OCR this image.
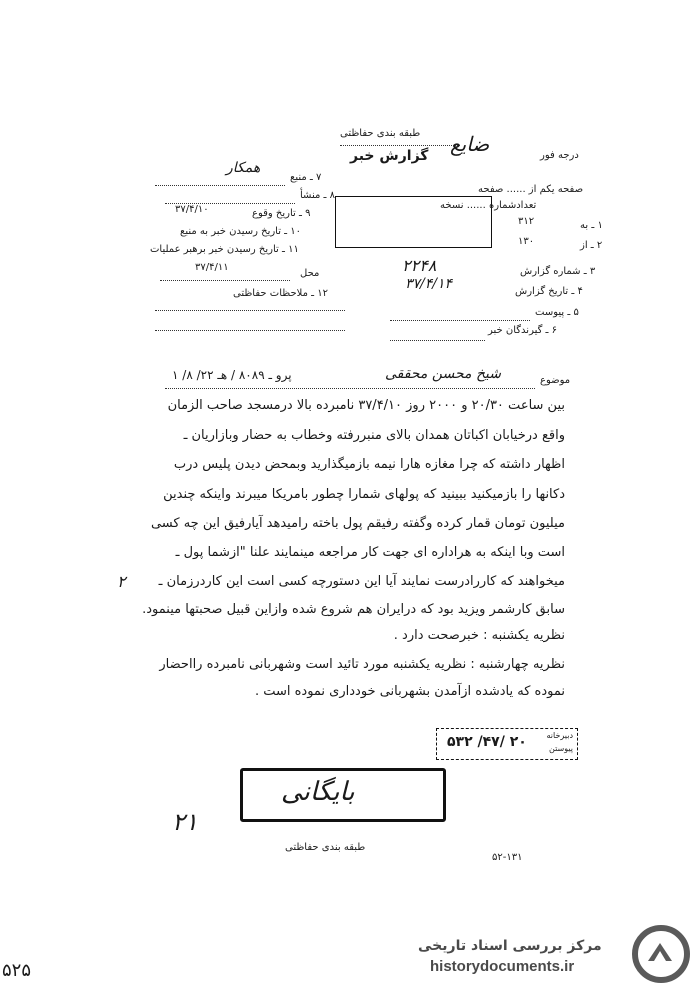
طبقه بندی حفاظتی
گزارش خبر	درجه فور
ضایع
۷ ـ منبع
همکار
۸ ـ منشأ
۹ ـ تاریخ وقوع
۳۷/۴/۱۰
۱۰ ـ تاریخ رسیدن خبر به منبع
۱۱ ـ تاریخ رسیدن خبر برهبر عملیات
محل
۳۷/۴/۱۱
۱۲ ـ ملاحظات حفاظتی
صفحه یکم از ...... صفحه
تعدادشماره ...... نسخه
۱ ـ به
۳۱۲
۲ ـ از
۱۳۰
۳ ـ شماره گزارش
۲۲۴۸
۴ ـ تاریخ گزارش
۳۷/۴/۱۴
۵ ـ پیوست
۶ ـ گیرندگان خبر
موضوع
شیخ محسن محققی
پرو ـ ۸۰۸۹ / هـ ۲۲/ ۸/ ۱
بین ساعت ۲۰/۳۰ و ۲۰۰۰ روز ۳۷/۴/۱۰ نامبرده بالا درمسجد صاحب الزمان
واقع درخیابان اکباتان همدان بالای منبررفته وخطاب به حضار وبازاریان ـ
اظهار داشته که چرا مغازه هارا نیمه بازمیگذارید وبمحض دیدن پلیس درب
دکانها را بازمیکنید ببینید که پولهای شمارا چطور بامریکا میبرند واینکه چندین
میلیون تومان قمار کرده وگفته رفیقم پول باخته رامیدهد آیارفیق این چه کسی
است وبا اینکه به هراداره ای جهت کار مراجعه مینمایند علنا "ازشما پول ـ
میخواهند که کاررادرست نمایند آیا این دستورچه کسی است این کاردرزمان ـ
سابق کارشمر ویزید بود که درایران هم شروع شده وازاین قبیل صحبتها مینمود.
۲
نظریه یکشنبه : خبرصحت دارد .
نظریه چهارشنبه : نظریه یکشنبه مورد تائید است وشهربانی نامبرده رااحضار
نموده که یادشده ازآمدن بشهربانی خودداری نموده است .
دبیرخانه
پیوستن
۵۳۲ /۴۷/ ۲۰
بایگانی
۲۱
طبقه بندی حفاظتی
۵۲-۱۳۱
۵۲۵
مرکز بررسی اسناد تاریخی
historydocuments.ir
